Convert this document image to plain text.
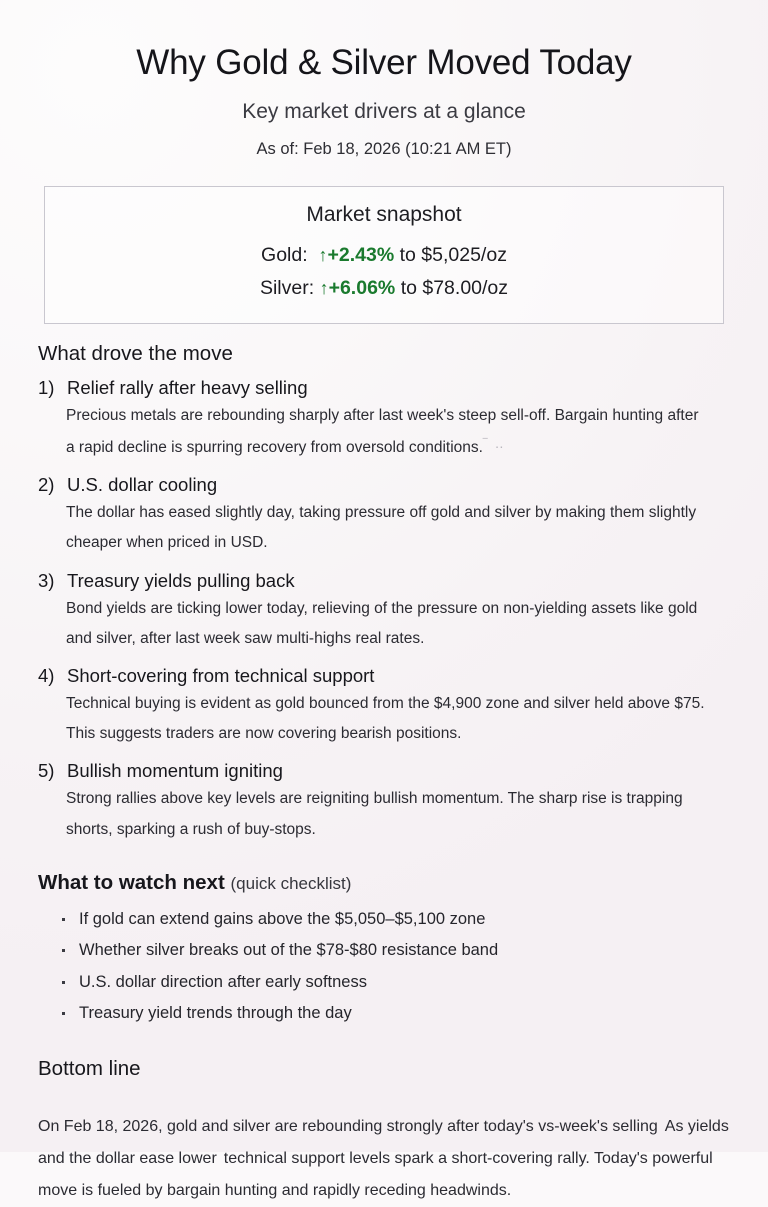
Why Gold & Silver Moved Today

Key market drivers at a glance

As of: Feb 18, 2026 (10:21 AM ET)

Market snapshot
Gold: ↑+2.43% to $5,025/oz
Silver: ↑+6.06% to $78.00/oz
What drove the move
1) Relief rally after heavy selling
Precious metals are rebounding sharply after last week's steep sell-off. Bargain hunting after a rapid decline is spurring recovery from oversold conditions.‾ ‥
2) U.S. dollar cooling
The dollar has eased slightly day, taking pressure off gold and silver by making them slightly cheaper when priced in USD.
3) Treasury yields pulling back
Bond yields are ticking lower today, relieving of the pressure on non-yielding assets like gold and silver, after last week saw multi-highs real rates.
4) Short-covering from technical support
Technical buying is evident as gold bounced from the $4,900 zone and silver held above $75. This suggests traders are now covering bearish positions.
5) Bullish momentum igniting
Strong rallies above key levels are reigniting bullish momentum. The sharp rise is trapping shorts, sparking a rush of buy-stops.
What to watch next (quick checklist)
If gold can extend gains above the $5,050–$5,100 zone
Whether silver breaks out of the $78-$80 resistance band
U.S. dollar direction after early softness
Treasury yield trends through the day
Bottom line

On Feb 18, 2026, gold and silver are rebounding strongly after today's vs-week's selling As yields and the dollar ease lower technical support levels spark a short-covering rally. Today's powerful move is fueled by bargain hunting and rapidly receding headwinds.
